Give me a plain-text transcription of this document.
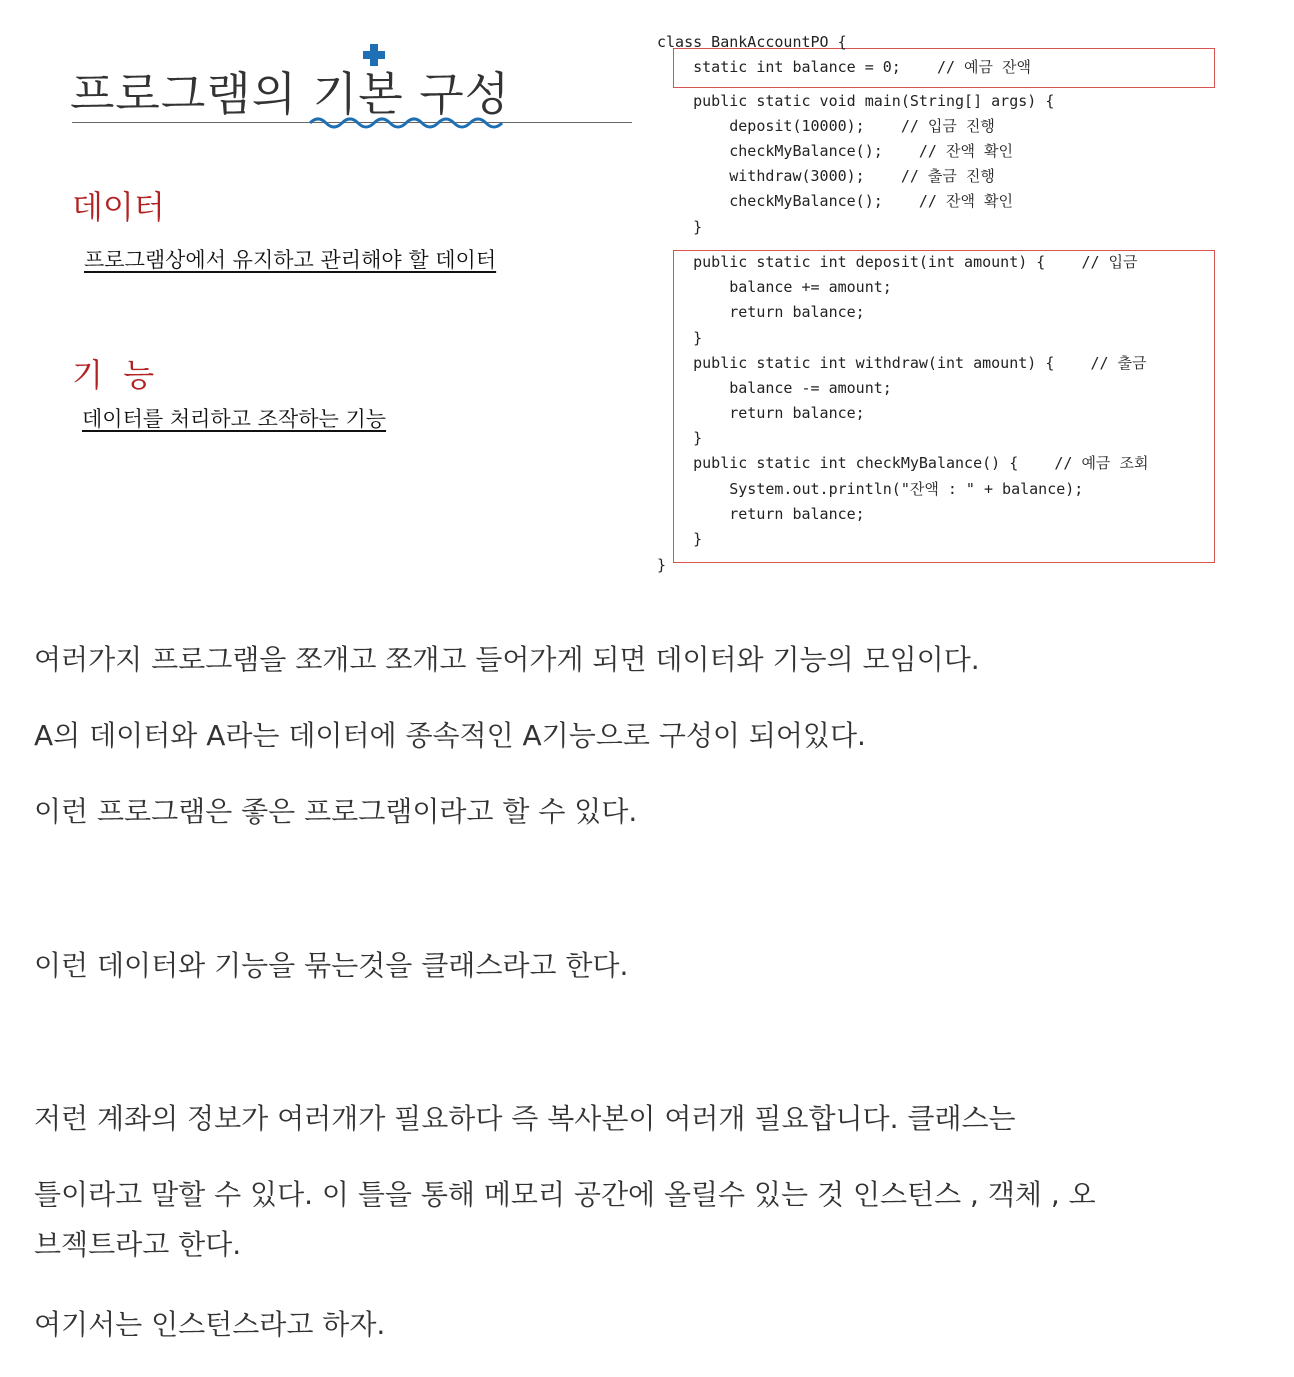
프로그램의 기본 구성
데이터
프로그램상에서 유지하고 관리해야 할 데이터
기  능
데이터를 처리하고 조작하는 기능
class BankAccountPO {
static int balance = 0;    // 예금 잔액
public static void main(String[] args) {
deposit(10000);    // 입금 진행
checkMyBalance();    // 잔액 확인
withdraw(3000);    // 출금 진행
checkMyBalance();    // 잔액 확인
}
public static int deposit(int amount) {    // 입금
balance += amount;
return balance;
}
public static int withdraw(int amount) {    // 출금
balance -= amount;
return balance;
}
public static int checkMyBalance() {    // 예금 조회
System.out.println("잔액 : " + balance);
return balance;
}
}
여러가지 프로그램을 쪼개고 쪼개고 들어가게 되면 데이터와 기능의 모임이다.
A의 데이터와 A라는 데이터에 종속적인 A기능으로 구성이 되어있다.
이런 프로그램은 좋은 프로그램이라고 할 수 있다.
이런 데이터와 기능을 묶는것을 클래스라고 한다.
저런 계좌의 정보가 여러개가 필요하다 즉 복사본이 여러개 필요합니다. 클래스는
틀이라고 말할 수 있다. 이 틀을 통해 메모리 공간에 올릴수 있는 것 인스턴스 , 객체 , 오
브젝트라고 한다.
여기서는 인스턴스라고 하자.
